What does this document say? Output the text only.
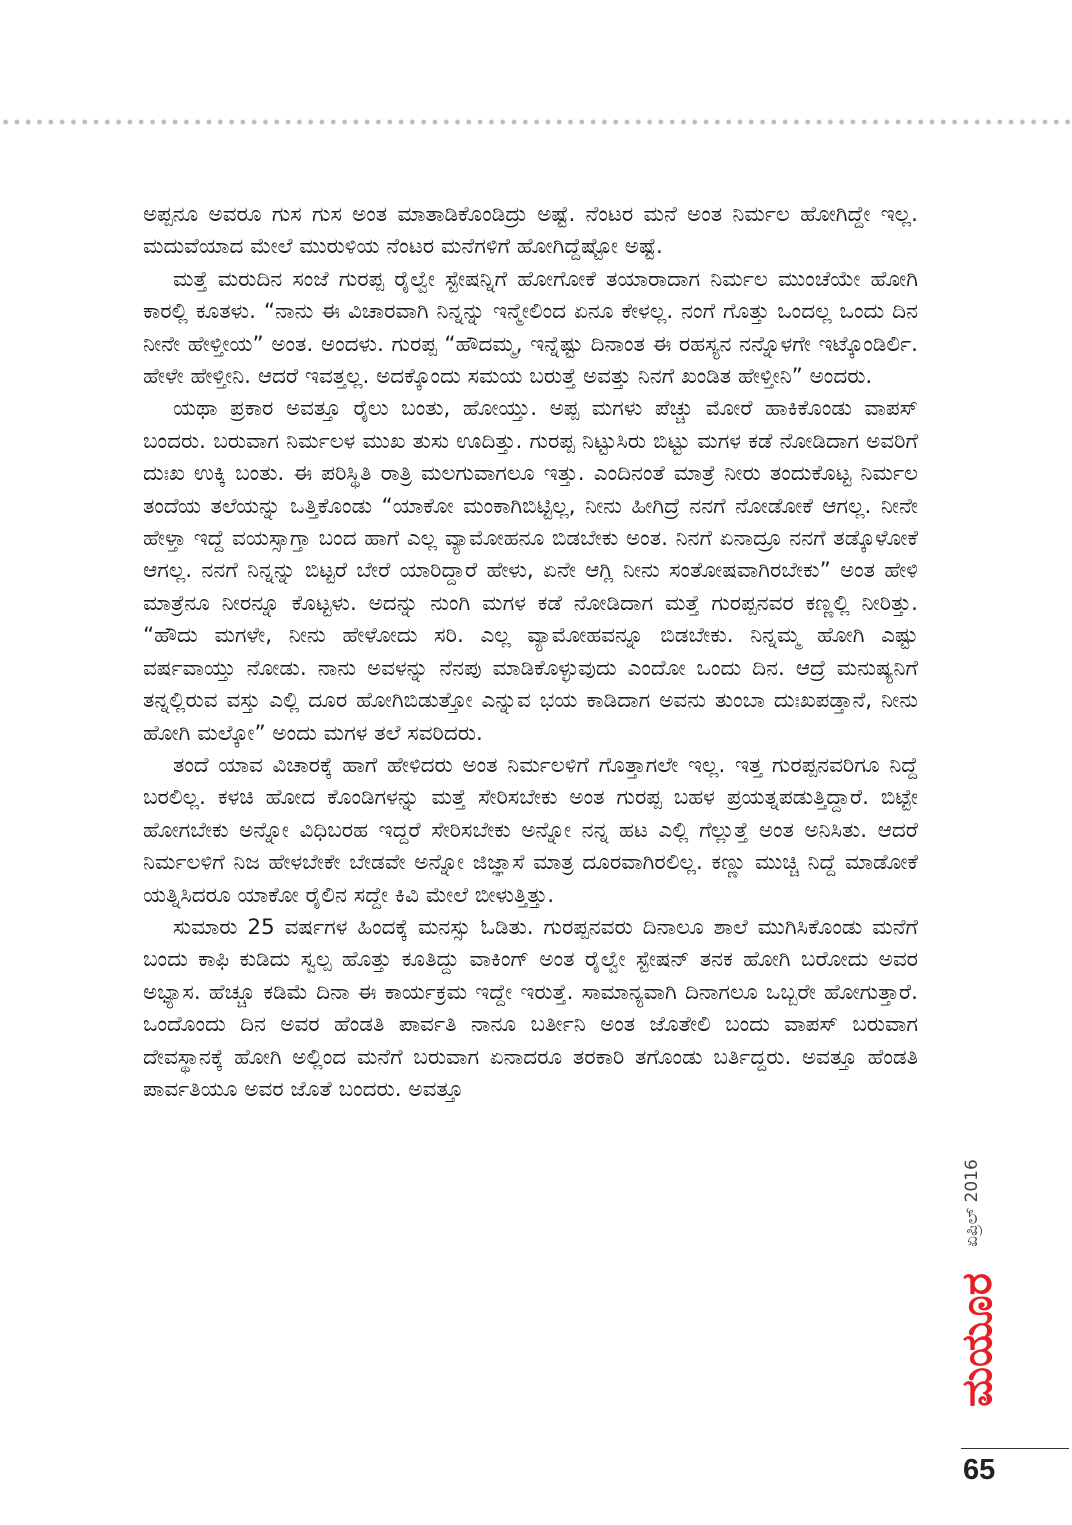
ಅಪ್ಪನೂ ಅವರೂ ಗುಸ ಗುಸ ಅಂತ ಮಾತಾಡಿಕೊಂಡಿದ್ರು ಅಷ್ಟೆ. ನೆಂಟರ ಮನೆ ಅಂತ ನಿರ್ಮಲ ಹೋಗಿದ್ದೇ ಇಲ್ಲ. ಮದುವೆಯಾದ ಮೇಲೆ ಮುರುಳಿಯ ನೆಂಟರ ಮನೆಗಳಿಗೆ ಹೋಗಿದ್ದೆಷ್ಟೋ ಅಷ್ಟೆ.

ಮತ್ತೆ ಮರುದಿನ ಸಂಜೆ ಗುರಪ್ಪ ರೈಲ್ವೇ ಸ್ಟೇಷನ್ನಿಗೆ ಹೋಗೋಕೆ ತಯಾರಾದಾಗ ನಿರ್ಮಲ ಮುಂಚೆಯೇ ಹೋಗಿ ಕಾರಲ್ಲಿ ಕೂತಳು. “ನಾನು ಈ ವಿಚಾರವಾಗಿ ನಿನ್ನನ್ನು ಇನ್ಮೇಲಿಂದ ಏನೂ ಕೇಳಲ್ಲ. ನಂಗೆ ಗೊತ್ತು ಒಂದಲ್ಲ ಒಂದು ದಿನ ನೀನೇ ಹೇಳ್ತೀಯ” ಅಂತ. ಅಂದಳು. ಗುರಪ್ಪ “ಹೌದಮ್ಮ, ಇನ್ನೆಷ್ಟು ದಿನಾಂತ ಈ ರಹಸ್ಯನ ನನ್ನೊಳಗೇ ಇಟ್ಕೊಂಡಿರ್ಲಿ. ಹೇಳೇ ಹೇಳ್ತೀನಿ. ಆದರೆ ಇವತ್ತಲ್ಲ. ಅದಕ್ಕೊಂದು ಸಮಯ ಬರುತ್ತೆ ಅವತ್ತು ನಿನಗೆ ಖಂಡಿತ ಹೇಳ್ತೀನಿ” ಅಂದರು.

ಯಥಾ ಪ್ರಕಾರ ಅವತ್ತೂ ರೈಲು ಬಂತು, ಹೋಯ್ತು. ಅಪ್ಪ ಮಗಳು ಪೆಚ್ಚು ಮೋರೆ ಹಾಕಿಕೊಂಡು ವಾಪಸ್ ಬಂದರು. ಬರುವಾಗ ನಿರ್ಮಲಳ ಮುಖ ತುಸು ಊದಿತ್ತು. ಗುರಪ್ಪ ನಿಟ್ಟುಸಿರು ಬಿಟ್ಟು ಮಗಳ ಕಡೆ ನೋಡಿದಾಗ ಅವರಿಗೆ ದುಃಖ ಉಕ್ಕಿ ಬಂತು. ಈ ಪರಿಸ್ಥಿತಿ ರಾತ್ರಿ ಮಲಗುವಾಗಲೂ ಇತ್ತು. ಎಂದಿನಂತೆ ಮಾತ್ರೆ ನೀರು ತಂದುಕೊಟ್ಟ ನಿರ್ಮಲ ತಂದೆಯ ತಲೆಯನ್ನು ಒತ್ತಿಕೊಂಡು “ಯಾಕೋ ಮಂಕಾಗಿಬಿಟ್ಟಿಲ್ಲ, ನೀನು ಹೀಗಿದ್ರೆ ನನಗೆ ನೋಡೋಕೆ ಆಗಲ್ಲ. ನೀನೇ ಹೇಳ್ತಾ ಇದ್ದೆ ವಯಸ್ಸಾಗ್ತಾ ಬಂದ ಹಾಗೆ ಎಲ್ಲ ವ್ಯಾಮೋಹನೂ ಬಿಡಬೇಕು ಅಂತ. ನಿನಗೆ ಏನಾದ್ರೂ ನನಗೆ ತಡ್ಕೊಳೋಕೆ ಆಗಲ್ಲ. ನನಗೆ ನಿನ್ನನ್ನು ಬಿಟ್ಟರೆ ಬೇರೆ ಯಾರಿದ್ದಾರೆ ಹೇಳು, ಏನೇ ಆಗ್ಲಿ ನೀನು ಸಂತೋಷವಾಗಿರಬೇಕು” ಅಂತ ಹೇಳಿ ಮಾತ್ರೆನೂ ನೀರನ್ನೂ ಕೊಟ್ಟಳು. ಅದನ್ನು ನುಂಗಿ ಮಗಳ ಕಡೆ ನೋಡಿದಾಗ ಮತ್ತೆ ಗುರಪ್ಪನವರ ಕಣ್ಣಲ್ಲಿ ನೀರಿತ್ತು. “ಹೌದು ಮಗಳೇ, ನೀನು ಹೇಳೋದು ಸರಿ. ಎಲ್ಲ ವ್ಯಾಮೋಹವನ್ನೂ ಬಿಡಬೇಕು. ನಿನ್ನಮ್ಮ ಹೋಗಿ ಎಷ್ಟು ವರ್ಷವಾಯ್ತು ನೋಡು. ನಾನು ಅವಳನ್ನು ನೆನಪು ಮಾಡಿಕೊಳ್ಳುವುದು ಎಂದೋ ಒಂದು ದಿನ. ಆದ್ರೆ ಮನುಷ್ಯನಿಗೆ ತನ್ನಲ್ಲಿರುವ ವಸ್ತು ಎಲ್ಲಿ ದೂರ ಹೋಗಿಬಿಡುತ್ತೋ ಎನ್ನುವ ಭಯ ಕಾಡಿದಾಗ ಅವನು ತುಂಬಾ ದುಃಖಪಡ್ತಾನೆ, ನೀನು ಹೋಗಿ ಮಲ್ಕೋ” ಅಂದು ಮಗಳ ತಲೆ ಸವರಿದರು.

ತಂದೆ ಯಾವ ವಿಚಾರಕ್ಕೆ ಹಾಗೆ ಹೇಳಿದರು ಅಂತ ನಿರ್ಮಲಳಿಗೆ ಗೊತ್ತಾಗಲೇ ಇಲ್ಲ. ಇತ್ತ ಗುರಪ್ಪನವರಿಗೂ ನಿದ್ದೆ ಬರಲಿಲ್ಲ. ಕಳಚಿ ಹೋದ ಕೊಂಡಿಗಳನ್ನು ಮತ್ತೆ ಸೇರಿಸಬೇಕು ಅಂತ ಗುರಪ್ಪ ಬಹಳ ಪ್ರಯತ್ನಪಡುತ್ತಿದ್ದಾರೆ. ಬಿಟ್ಟೇ ಹೋಗಬೇಕು ಅನ್ನೋ ವಿಧಿಬರಹ ಇದ್ದರೆ ಸೇರಿಸಬೇಕು ಅನ್ನೋ ನನ್ನ ಹಟ ಎಲ್ಲಿ ಗೆಲ್ಲುತ್ತೆ ಅಂತ ಅನಿಸಿತು. ಆದರೆ ನಿರ್ಮಲಳಿಗೆ ನಿಜ ಹೇಳಬೇಕೇ ಬೇಡವೇ ಅನ್ನೋ ಜಿಜ್ಞಾಸೆ ಮಾತ್ರ ದೂರವಾಗಿರಲಿಲ್ಲ. ಕಣ್ಣು ಮುಚ್ಚಿ ನಿದ್ದೆ ಮಾಡೋಕೆ ಯತ್ನಿಸಿದರೂ ಯಾಕೋ ರೈಲಿನ ಸದ್ದೇ ಕಿವಿ ಮೇಲೆ ಬೀಳುತ್ತಿತ್ತು.

ಸುಮಾರು 25 ವರ್ಷಗಳ ಹಿಂದಕ್ಕೆ ಮನಸ್ಸು ಓಡಿತು. ಗುರಪ್ಪನವರು ದಿನಾಲೂ ಶಾಲೆ ಮುಗಿಸಿಕೊಂಡು ಮನೆಗೆ ಬಂದು ಕಾಫಿ ಕುಡಿದು ಸ್ವಲ್ಪ ಹೊತ್ತು ಕೂತಿದ್ದು ವಾಕಿಂಗ್ ಅಂತ ರೈಲ್ವೇ ಸ್ಟೇಷನ್ ತನಕ ಹೋಗಿ ಬರೋದು ಅವರ ಅಭ್ಯಾಸ. ಹೆಚ್ಚೂ ಕಡಿಮೆ ದಿನಾ ಈ ಕಾರ್ಯಕ್ರಮ ಇದ್ದೇ ಇರುತ್ತೆ. ಸಾಮಾನ್ಯವಾಗಿ ದಿನಾಗಲೂ ಒಬ್ಬರೇ ಹೋಗುತ್ತಾರೆ. ಒಂದೊಂದು ದಿನ ಅವರ ಹೆಂಡತಿ ಪಾರ್ವತಿ ನಾನೂ ಬರ್ತೀನಿ ಅಂತ ಜೊತೇಲಿ ಬಂದು ವಾಪಸ್ ಬರುವಾಗ ದೇವಸ್ಥಾನಕ್ಕೆ ಹೋಗಿ ಅಲ್ಲಿಂದ ಮನೆಗೆ ಬರುವಾಗ ಏನಾದರೂ ತರಕಾರಿ ತಗೊಂಡು ಬರ್ತಿದ್ದರು. ಅವತ್ತೂ ಹೆಂಡತಿ ಪಾರ್ವತಿಯೂ ಅವರ ಜೊತೆ ಬಂದರು. ಅವತ್ತೂ

ಏಪ್ರಿಲ್ 2016
ಮಯೂರ
65
